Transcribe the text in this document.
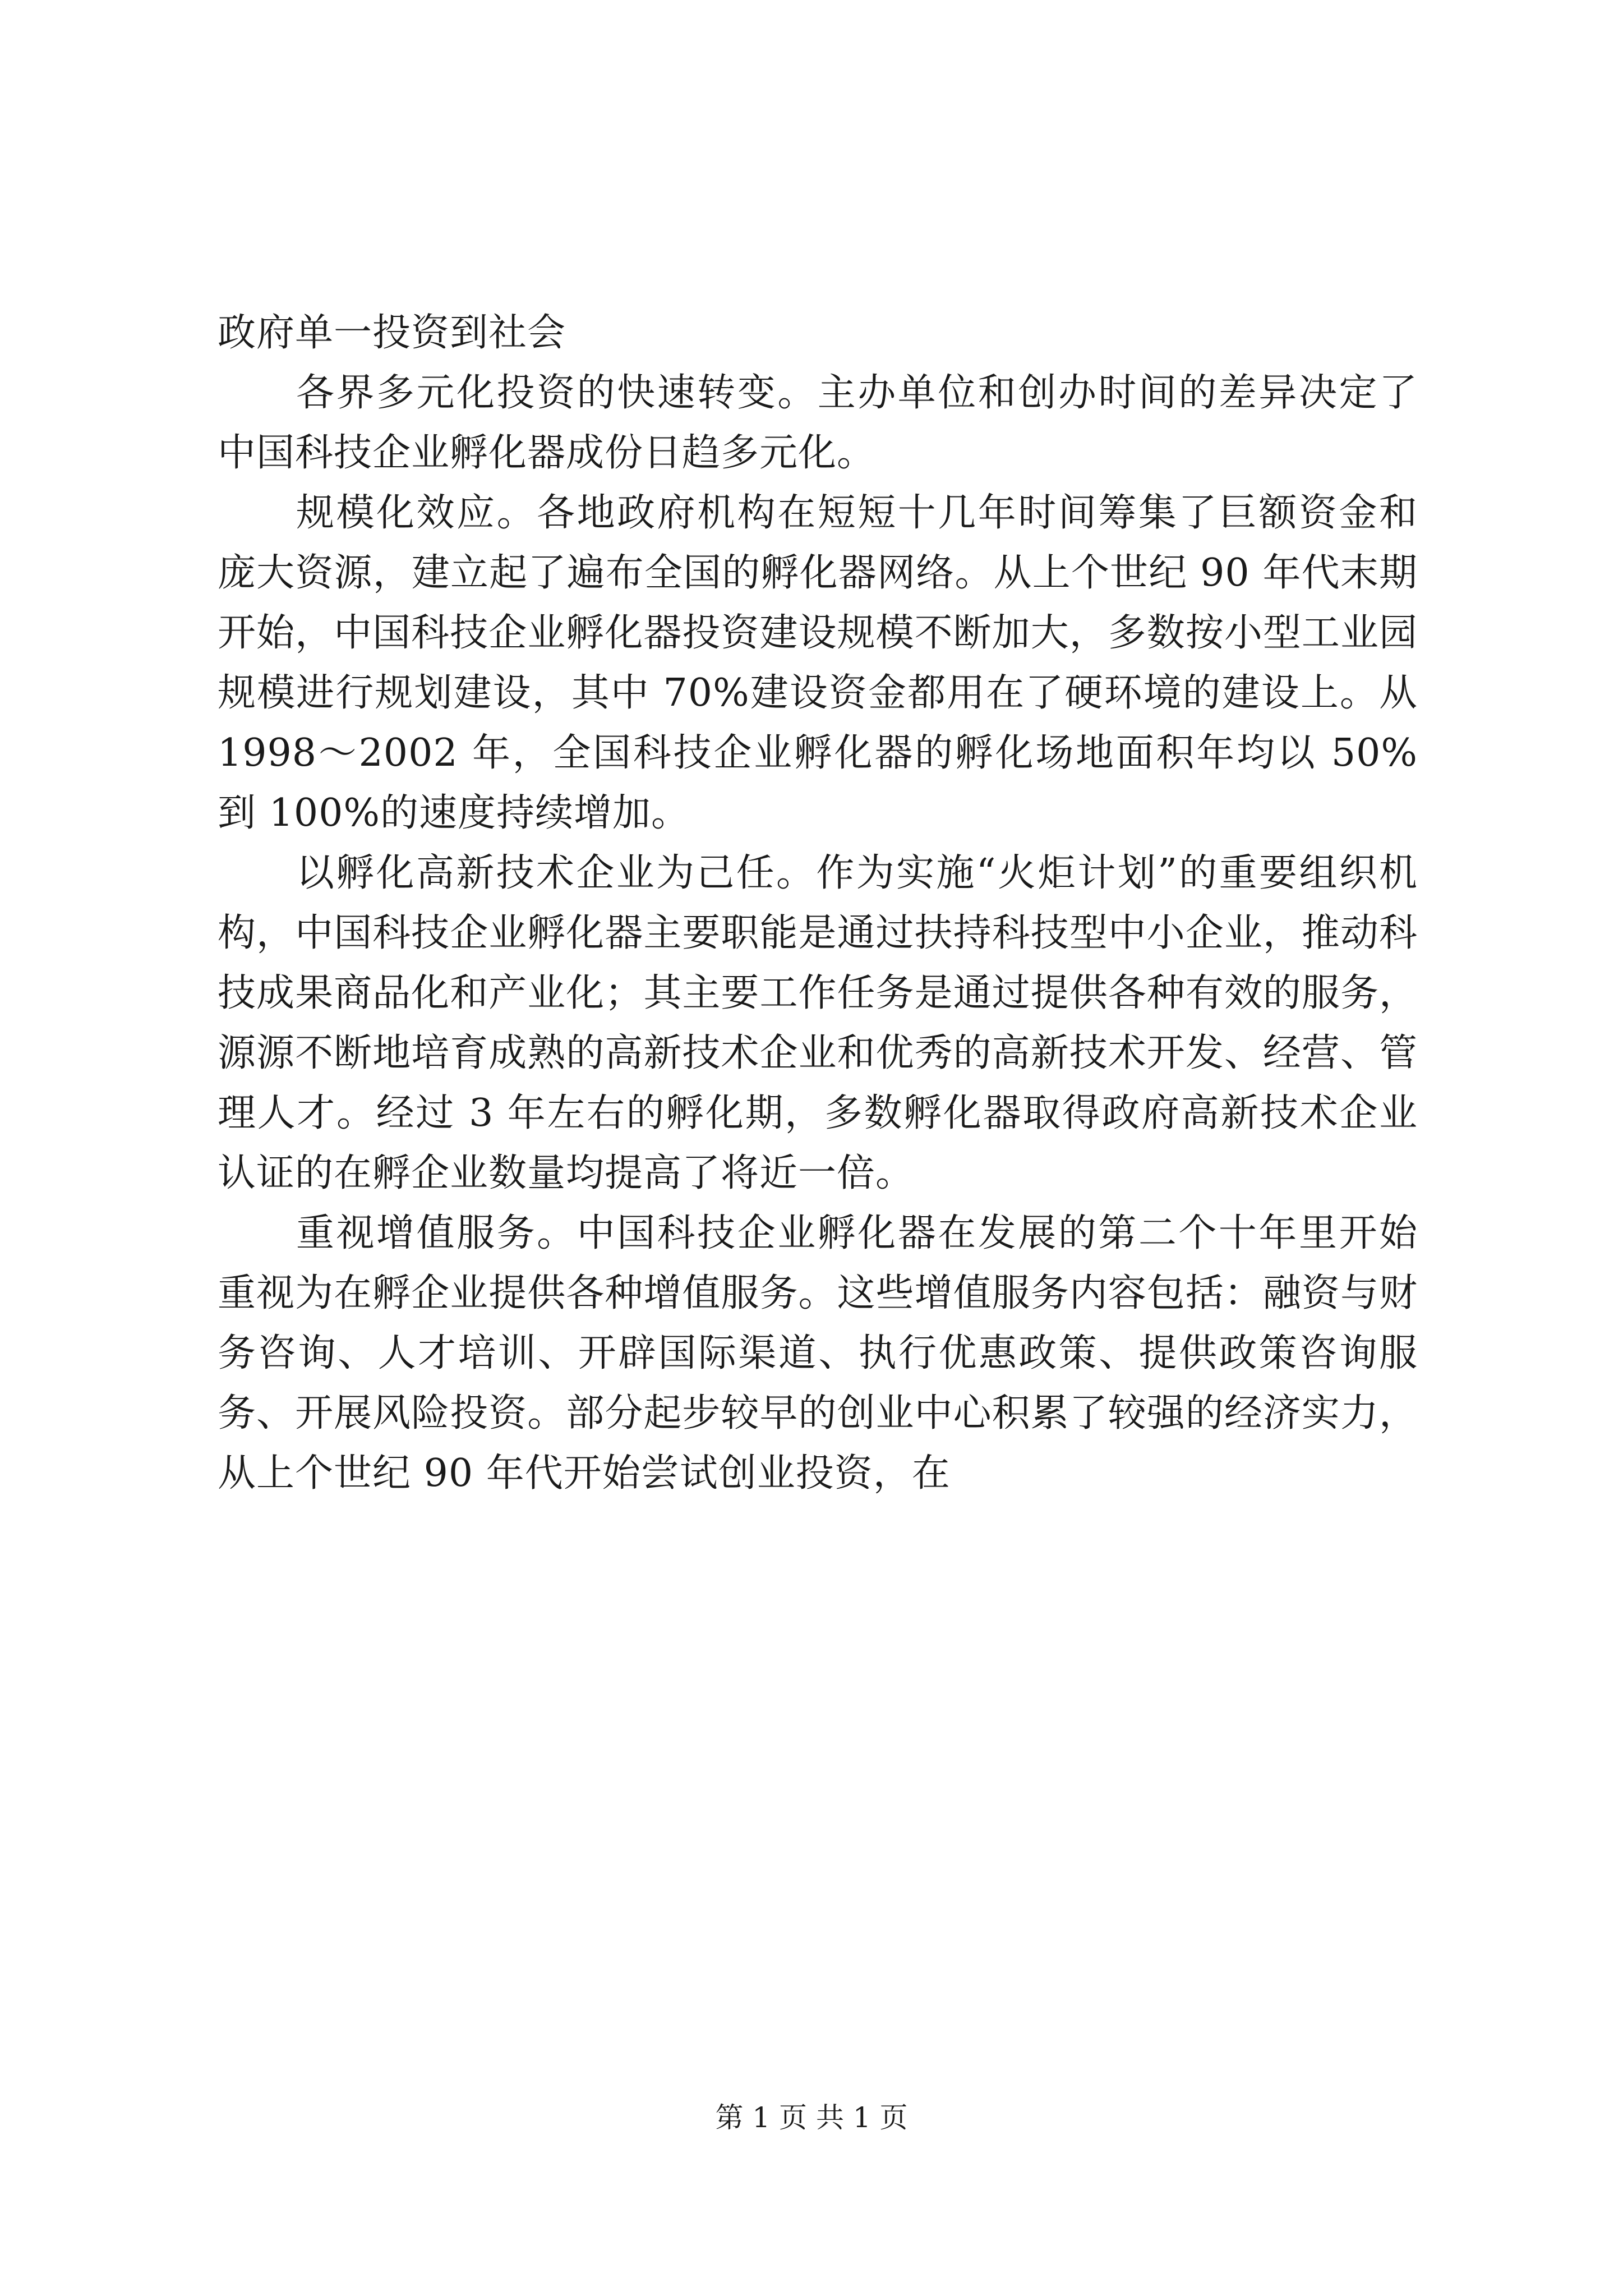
政府单一投资到社会

各界多元化投资的快速转变。主办单位和创办时间的差异决定了中国科技企业孵化器成份日趋多元化。

规模化效应。各地政府机构在短短十几年时间筹集了巨额资金和庞大资源，建立起了遍布全国的孵化器网络。从上个世纪 90 年代末期开始，中国科技企业孵化器投资建设规模不断加大，多数按小型工业园规模进行规划建设，其中 70%建设资金都用在了硬环境的建设上。从 1998～2002 年，全国科技企业孵化器的孵化场地面积年均以 50%到 100%的速度持续增加。

以孵化高新技术企业为己任。作为实施“火炬计划”的重要组织机构，中国科技企业孵化器主要职能是通过扶持科技型中小企业，推动科技成果商品化和产业化；其主要工作任务是通过提供各种有效的服务，源源不断地培育成熟的高新技术企业和优秀的高新技术开发、经营、管理人才。经过 3 年左右的孵化期，多数孵化器取得政府高新技术企业认证的在孵企业数量均提高了将近一倍。

重视增值服务。中国科技企业孵化器在发展的第二个十年里开始重视为在孵企业提供各种增值服务。这些增值服务内容包括：融资与财务咨询、人才培训、开辟国际渠道、执行优惠政策、提供政策咨询服务、开展风险投资。部分起步较早的创业中心积累了较强的经济实力，从上个世纪 90 年代开始尝试创业投资，在

第 1 页 共 1 页
